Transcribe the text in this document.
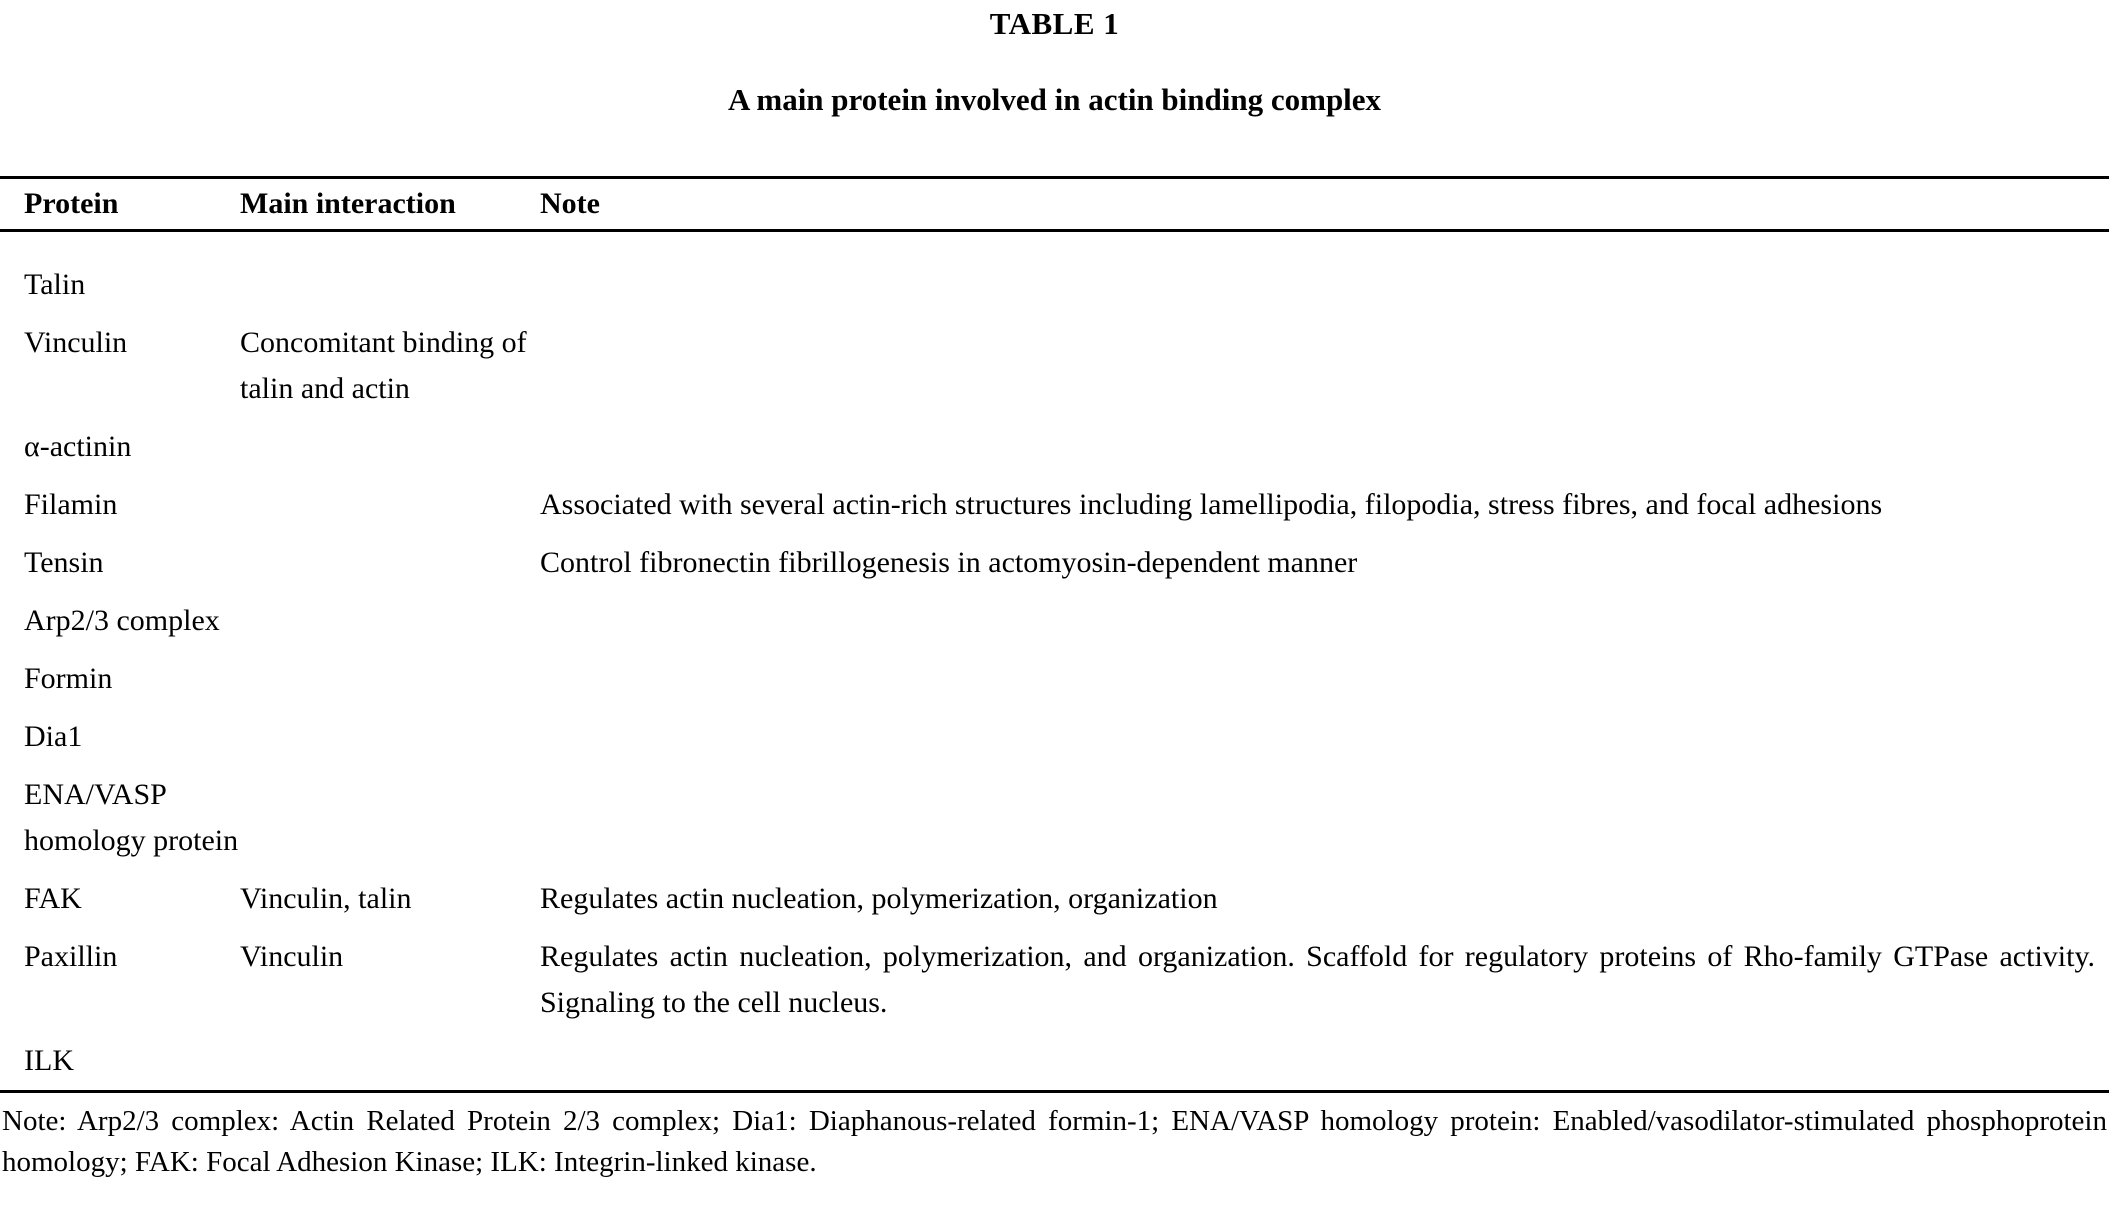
TABLE 1
A main protein involved in actin binding complex
Protein	Main interaction	Note
Talin		
Vinculin	Concomitant binding of talin and actin	
α-actinin		
Filamin		Associated with several actin-rich structures including lamellipodia, filopodia, stress fibres, and focal adhesions
Tensin		Control fibronectin fibrillogenesis in actomyosin-dependent manner
Arp2/3 complex		
Formin		
Dia1		
ENA/VASP homology protein		
FAK	Vinculin, talin	Regulates actin nucleation, polymerization, organization
Paxillin	Vinculin	Regulates actin nucleation, polymerization, and organization. Scaffold for regulatory proteins of Rho-family GTPase activity. Signaling to the cell nucleus.
ILK		
Note: Arp2/3 complex: Actin Related Protein 2/3 complex; Dia1: Diaphanous-related formin-1; ENA/VASP homology protein: Enabled/vasodilator-stimulated phosphoprotein homology; FAK: Focal Adhesion Kinase; ILK: Integrin-linked kinase.
